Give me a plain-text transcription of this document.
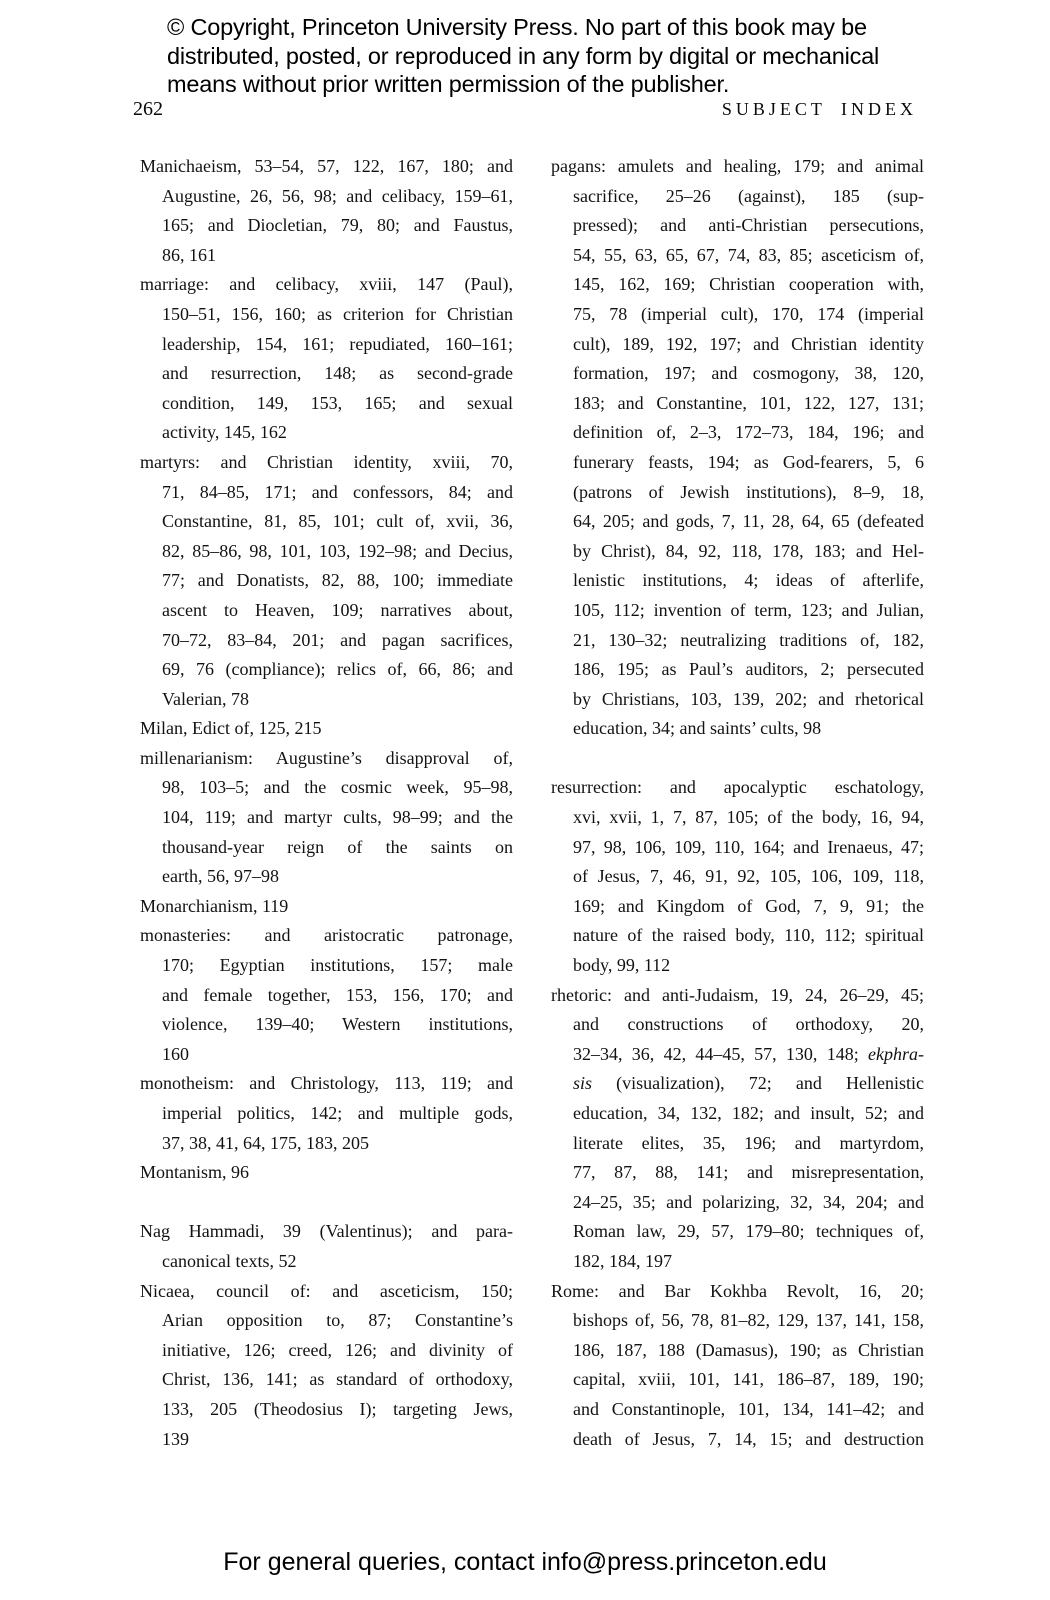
© Copyright, Princeton University Press. No part of this book may be
distributed, posted, or reproduced in any form by digital or mechanical
means without prior written permission of the publisher.
262	SUBJECT INDEX
Manichaeism, 53–54, 57, 122, 167, 180; and
Augustine, 26, 56, 98; and celibacy, 159–61,
165; and Diocletian, 79, 80; and Faustus,
86, 161
marriage: and celibacy, xviii, 147 (Paul),
150–51, 156, 160; as criterion for Christian
leadership, 154, 161; repudiated, 160–161;
and resurrection, 148; as second-grade
condition, 149, 153, 165; and sexual
activity, 145, 162
martyrs: and Christian identity, xviii, 70,
71, 84–85, 171; and confessors, 84; and
Constantine, 81, 85, 101; cult of, xvii, 36,
82, 85–86, 98, 101, 103, 192–98; and Decius,
77; and Donatists, 82, 88, 100; immediate
ascent to Heaven, 109; narratives about,
70–72, 83–84, 201; and pagan sacrifices,
69, 76 (compliance); relics of, 66, 86; and
Valerian, 78
Milan, Edict of, 125, 215
millenarianism: Augustine’s disapproval of,
98, 103–5; and the cosmic week, 95–98,
104, 119; and martyr cults, 98–99; and the
thousand-year reign of the saints on
earth, 56, 97–98
Monarchianism, 119
monasteries: and aristocratic patronage,
170; Egyptian institutions, 157; male
and female together, 153, 156, 170; and
violence, 139–40; Western institutions,
160
monotheism: and Christology, 113, 119; and
imperial politics, 142; and multiple gods,
37, 38, 41, 64, 175, 183, 205
Montanism, 96
Nag Hammadi, 39 (Valentinus); and para-
canonical texts, 52
Nicaea, council of: and asceticism, 150;
Arian opposition to, 87; Constantine’s
initiative, 126; creed, 126; and divinity of
Christ, 136, 141; as standard of orthodoxy,
133, 205 (Theodosius I); targeting Jews,
139
pagans: amulets and healing, 179; and animal
sacrifice, 25–26 (against), 185 (sup-
pressed); and anti-Christian persecutions,
54, 55, 63, 65, 67, 74, 83, 85; asceticism of,
145, 162, 169; Christian cooperation with,
75, 78 (imperial cult), 170, 174 (imperial
cult), 189, 192, 197; and Christian identity
formation, 197; and cosmogony, 38, 120,
183; and Constantine, 101, 122, 127, 131;
definition of, 2–3, 172–73, 184, 196; and
funerary feasts, 194; as God-fearers, 5, 6
(patrons of Jewish institutions), 8–9, 18,
64, 205; and gods, 7, 11, 28, 64, 65 (defeated
by Christ), 84, 92, 118, 178, 183; and Hel-
lenistic institutions, 4; ideas of afterlife,
105, 112; invention of term, 123; and Julian,
21, 130–32; neutralizing traditions of, 182,
186, 195; as Paul’s auditors, 2; persecuted
by Christians, 103, 139, 202; and rhetorical
education, 34; and saints’ cults, 98
resurrection: and apocalyptic eschatology,
xvi, xvii, 1, 7, 87, 105; of the body, 16, 94,
97, 98, 106, 109, 110, 164; and Irenaeus, 47;
of Jesus, 7, 46, 91, 92, 105, 106, 109, 118,
169; and Kingdom of God, 7, 9, 91; the
nature of the raised body, 110, 112; spiritual
body, 99, 112
rhetoric: and anti-Judaism, 19, 24, 26–29, 45;
and constructions of orthodoxy, 20,
32–34, 36, 42, 44–45, 57, 130, 148; ekphra-
sis (visualization), 72; and Hellenistic
education, 34, 132, 182; and insult, 52; and
literate elites, 35, 196; and martyrdom,
77, 87, 88, 141; and misrepresentation,
24–25, 35; and polarizing, 32, 34, 204; and
Roman law, 29, 57, 179–80; techniques of,
182, 184, 197
Rome: and Bar Kokhba Revolt, 16, 20;
bishops of, 56, 78, 81–82, 129, 137, 141, 158,
186, 187, 188 (Damasus), 190; as Christian
capital, xviii, 101, 141, 186–87, 189, 190;
and Constantinople, 101, 134, 141–42; and
death of Jesus, 7, 14, 15; and destruction
For general queries, contact info@press.princeton.edu
